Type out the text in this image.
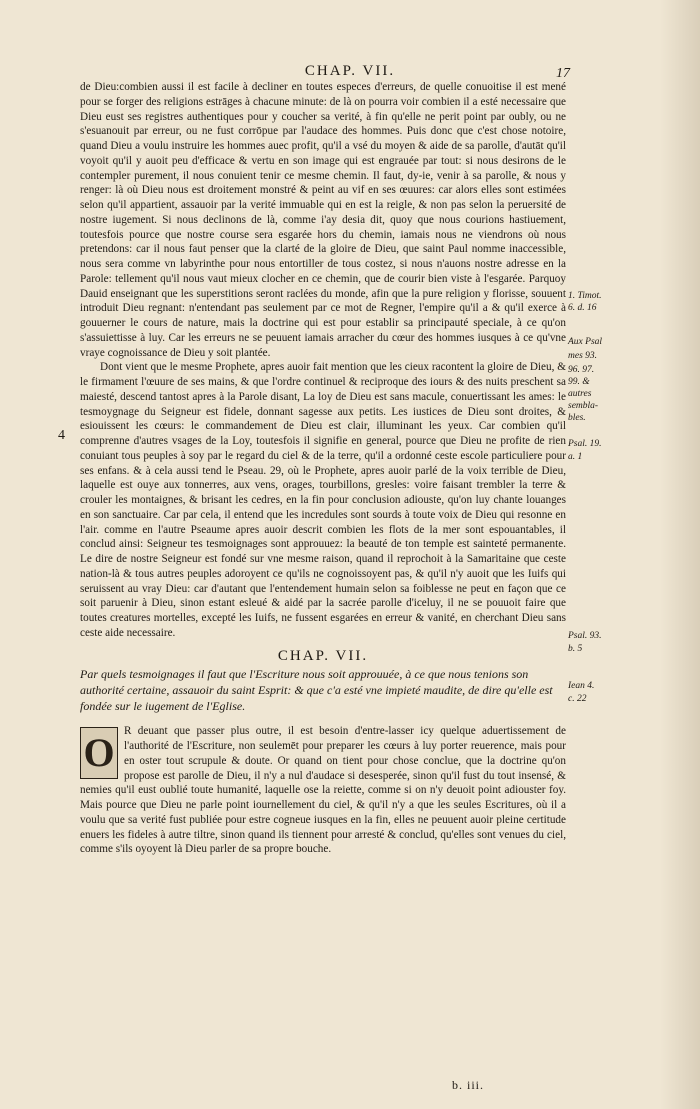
CHAP. VII.	17

de Dieu:combien aussi il est facile à decliner en toutes especes d'erreurs, de quelle conuoitise il est mené pour se forger des religions estrāges à chacune minute: de là on pourra voir combien il a esté necessaire que Dieu eust ses registres authentiques pour y coucher sa verité, à fin qu'elle ne perit point par oubly, ou ne s'esuanouit par erreur, ou ne fust corrōpue par l'audace des hommes. Puis donc que c'est chose notoire, quand Dieu a voulu instruire les hommes auec profit, qu'il a vsé du moyen & aide de sa parolle, d'autāt qu'il voyoit qu'il y auoit peu d'efficace & vertu en son image qui est engrauée par tout: si nous desirons de le contempler purement, il nous conuient tenir ce mesme chemin. Il faut, dy-ie, venir à sa parolle, & nous y renger: là où Dieu nous est droitement monstré & peint au vif en ses œuures: car alors elles sont estimées selon qu'il appartient, assauoir par la verité immuable qui en est la reigle, & non pas selon la peruersité de nostre iugement. Si nous declinons de là, comme i'ay desia dit, quoy que nous courions hastiuement, toutesfois pource que nostre course sera esgarée hors du chemin, iamais nous ne viendrons où nous pretendons: car il nous faut penser que la clarté de la gloire de Dieu, que saint Paul nomme inaccessible, nous sera comme vn labyrinthe pour nous entortiller de tous costez, si nous n'auons nostre adresse en la Parole: tellement qu'il nous vaut mieux clocher en ce chemin, que de courir bien viste à l'esgarée. Parquoy Dauid enseignant que les superstitions seront raclées du monde, afin que la pure religion y florisse, souuent introduit Dieu regnant: n'entendant pas seulement par ce mot de Regner, l'empire qu'il a & qu'il exerce à gouuerner le cours de nature, mais la doctrine qui est pour establir sa principauté speciale, à ce qu'on s'assuiettisse à luy. Car les erreurs ne se peuuent iamais arracher du cœur des hommes iusques à ce qu'vne vraye cognoissance de Dieu y soit plantée.

Dont vient que le mesme Prophete, apres auoir fait mention que les cieux racontent la gloire de Dieu, & le firmament l'œuure de ses mains, & que l'ordre continuel & reciproque des iours & des nuits preschent sa maiesté, descend tantost apres à la Parole disant, La loy de Dieu est sans macule, conuertissant les ames: le tesmoygnage du Seigneur est fidele, donnant sagesse aux petits. Les iustices de Dieu sont droites, & esiouissent les cœurs: le commandement de Dieu est clair, illuminant les yeux. Car combien qu'il comprenne d'autres vsages de la Loy, toutesfois il signifie en general, pource que Dieu ne profite de rien conuiant tous peuples à soy par le regard du ciel & de la terre, qu'il a ordonné ceste escole particuliere pour ses enfans. & à cela aussi tend le Pseau. 29, où le Prophete, apres auoir parlé de la voix terrible de Dieu, laquelle est ouye aux tonnerres, aux vens, orages, tourbillons, gresles: voire faisant trembler la terre & crouler les montaignes, & brisant les cedres, en la fin pour conclusion adiouste, qu'on luy chante louanges en son sanctuaire. Car par cela, il entend que les incredules sont sourds à toute voix de Dieu qui resonne en l'air. comme en l'autre Pseaume apres auoir descrit combien les flots de la mer sont espouantables, il conclud ainsi: Seigneur tes tesmoignages sont approuuez: la beauté de ton temple est sainteté permanente. Le dire de nostre Seigneur est fondé sur vne mesme raison, quand il reprochoit à la Samaritaine que ceste nation-là & tous autres peuples adoroyent ce qu'ils ne cognoissoyent pas, & qu'il n'y auoit que les Iuifs qui seruissent au vray Dieu: car d'autant que l'entendement humain selon sa foiblesse ne peut en façon que ce soit paruenir à Dieu, sinon estant esleué & aidé par la sacrée parolle d'iceluy, il ne se pouuoit faire que toutes creatures mortelles, excepté les Iuifs, ne fussent esgarées en erreur & vanité, en cherchant Dieu sans ceste aide necessaire.

CHAP. VII.
Par quels tesmoignages il faut que l'Escriture nous soit approuuée, à ce que nous tenions son authorité certaine, assauoir du saint Esprit: & que c'a esté vne impieté maudite, de dire qu'elle est fondée sur le iugement de l'Eglise.
O R deuant que passer plus outre, il est besoin d'entre-lasser icy quelque aduertissement de l'authorité de l'Escriture, non seulemēt pour preparer les cœurs à luy porter reuerence, mais pour en oster tout scrupule & doute. Or quand on tient pour chose conclue, que la doctrine qu'on propose est parolle de Dieu, il n'y a nul d'audace si desesperée, sinon qu'il fust du tout insensé, & nemies qu'il eust oublié toute humanité, laquelle ose la reiette, comme si on n'y deuoit point adiouster foy. Mais pource que Dieu ne parle point iournellement du ciel, & qu'il n'y a que les seules Escritures, où il a voulu que sa verité fust publiée pour estre cogneue iusques en la fin, elles ne peuuent auoir pleine certitude enuers les fideles à autre tiltre, sinon quand ils tiennent pour arresté & conclud, qu'elles sont venues du ciel, comme s'ils oyoyent là Dieu parler de sa propre bouche.

4
1. Timot.
6. d. 16
Aux Psal
mes 93.
96. 97.
99. &
autres
sembla-
bles.
Psal. 19.
a. 1
Psal. 93.
b. 5
Iean 4.
c. 22
b. iii.
